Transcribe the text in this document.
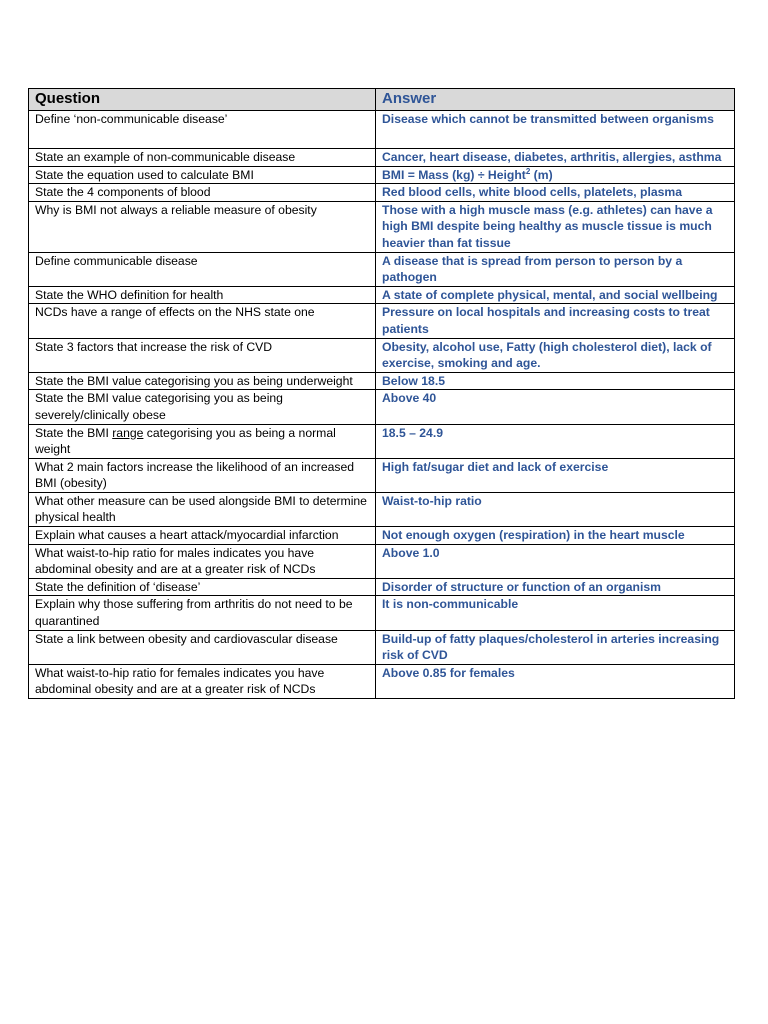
Question	Answer
Define ‘non-communicable disease’	Disease which cannot be transmitted between organisms
State an example of non-communicable disease	Cancer, heart disease, diabetes, arthritis, allergies, asthma
State the equation used to calculate BMI	BMI = Mass (kg) ÷ Height$^2$ (m)
State the 4 components of blood	Red blood cells, white blood cells, platelets, plasma
Why is BMI not always a reliable measure of obesity	Those with a high muscle mass (e.g. athletes) can have a high BMI despite being healthy as muscle tissue is much heavier than fat tissue
Define communicable disease	A disease that is spread from person to person by a pathogen
State the WHO definition for health	A state of complete physical, mental, and social wellbeing
NCDs have a range of effects on the NHS state one	Pressure on local hospitals and increasing costs to treat patients
State 3 factors that increase the risk of CVD	Obesity, alcohol use, Fatty (high cholesterol diet), lack of exercise, smoking and age.
State the BMI value categorising you as being underweight	Below 18.5
State the BMI value categorising you as being severely/clinically obese	Above 40
State the BMI range categorising you as being a normal weight	18.5 – 24.9
What 2 main factors increase the likelihood of an increased BMI (obesity)	High fat/sugar diet and lack of exercise
What other measure can be used alongside BMI to determine physical health	Waist-to-hip ratio
Explain what causes a heart attack/myocardial infarction	Not enough oxygen (respiration) in the heart muscle
What waist-to-hip ratio for males indicates you have abdominal obesity and are at a greater risk of NCDs	Above 1.0
State the definition of ‘disease’	Disorder of structure or function of an organism
Explain why those suffering from arthritis do not need to be quarantined	It is non-communicable
State a link between obesity and cardiovascular disease	Build-up of fatty plaques/cholesterol in arteries increasing risk of CVD
What waist-to-hip ratio for females indicates you have abdominal obesity and are at a greater risk of NCDs	Above 0.85 for females
